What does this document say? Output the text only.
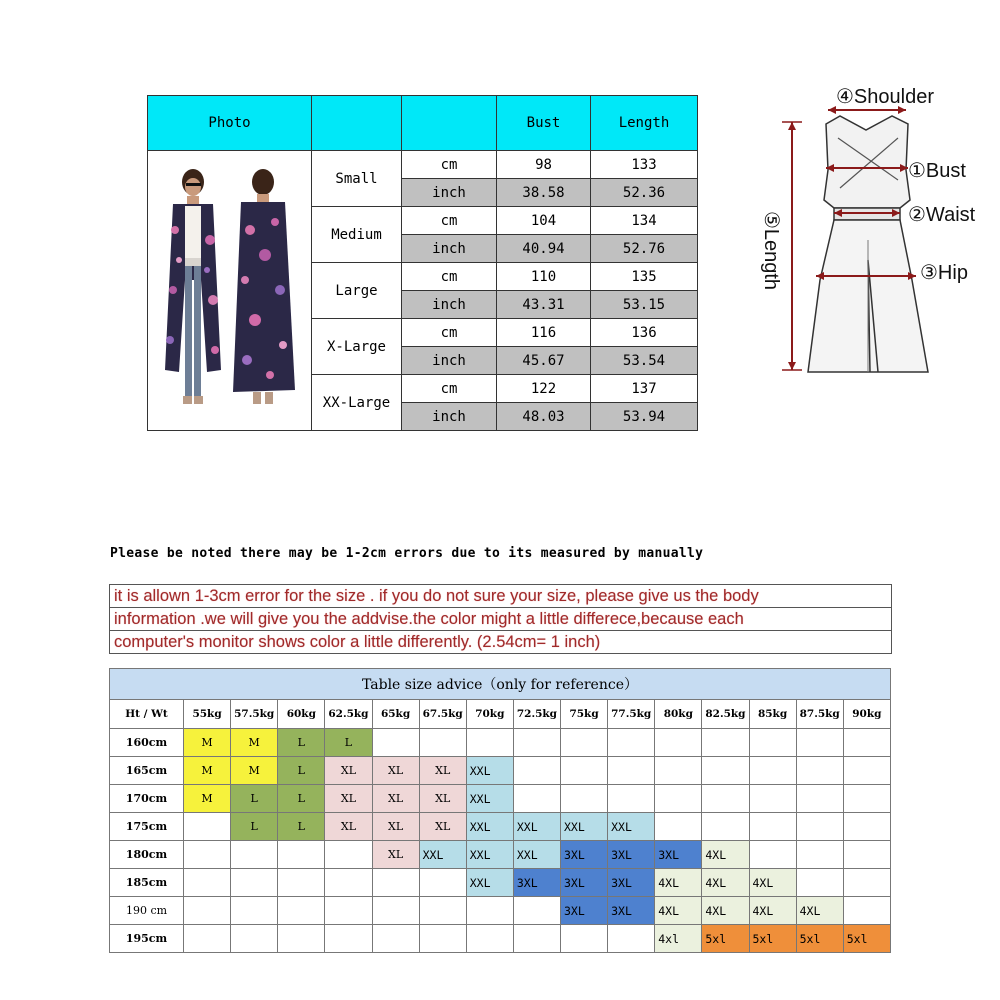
Photo			Bust	Length

	Small	cm	98	133
		inch	38.58	52.36
	Medium	cm	104	134
		inch	40.94	52.76
	Large	cm	110	135
		inch	43.31	53.15
	X-Large	cm	116	136
		inch	45.67	53.54
	XX-Large	cm	122	137
		inch	48.03	53.94
④Shoulder
①Bust
②Waist
③Hip
⑤Length
Please be noted there may be 1-2cm errors due to its measured by manually
it is allown 1-3cm error for the size . if you do not sure your size, please give us the body
information .we will give you the addvise.the color might a little differece,because each
computer's monitor shows color a little differently. (2.54cm= 1 inch)
Table size advice（only for reference）															
Ht / Wt	55kg	57.5kg	60kg	62.5kg	65kg	67.5kg	70kg	72.5kg	75kg	77.5kg	80kg	82.5kg	85kg	87.5kg	90kg
160cm	M	M	L	L											
165cm	M	M	L	XL	XL	XL	XXL								
170cm	M	L	L	XL	XL	XL	XXL								
175cm		L	L	XL	XL	XL	XXL	XXL	XXL	XXL					
180cm					XL	XXL	XXL	XXL	3XL	3XL	3XL	4XL			
185cm							XXL	3XL	3XL	3XL	4XL	4XL	4XL		
190 cm									3XL	3XL	4XL	4XL	4XL	4XL	
195cm											4xl	5xl	5xl	5xl	5xl
